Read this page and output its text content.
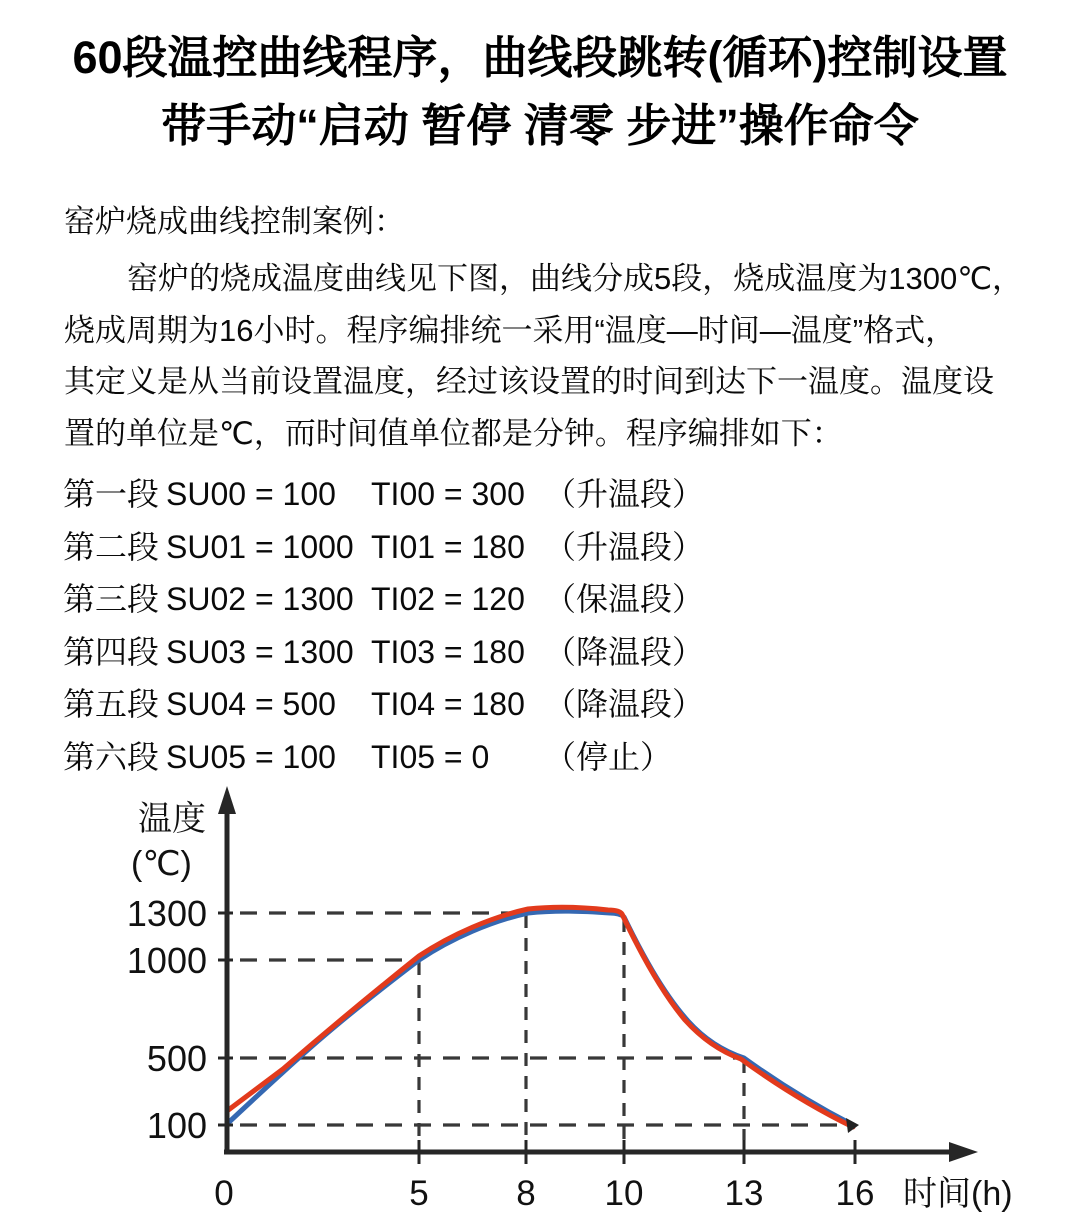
60段温控曲线程序，曲线段跳转(循环)控制设置
带手动“启动 暂停 清零 步进”操作命令
窑炉烧成曲线控制案例：
窑炉的烧成温度曲线见下图，曲线分成5段，烧成温度为1300℃，
烧成周期为16小时。程序编排统一采用“温度—时间—温度”格式，
其定义是从当前设置温度，经过该设置的时间到达下一温度。温度设
置的单位是℃，而时间值单位都是分钟。程序编排如下：
第一段 SU00 = 100	TI00 = 300 （升温段）
第二段 SU01 = 1000 TI01 = 180 （升温段）
第三段 SU02 = 1300 TI02 = 120 （保温段）
第四段 SU03 = 1300 TI03 = 180 （降温段）
第五段 SU04 = 500	TI04 = 180 （降温段）
第六段 SU05 = 100	TI05 = 0	（停止）
温度
(℃)
时间(h)
1300
1000
500
100
0	5	8 10 13 16
